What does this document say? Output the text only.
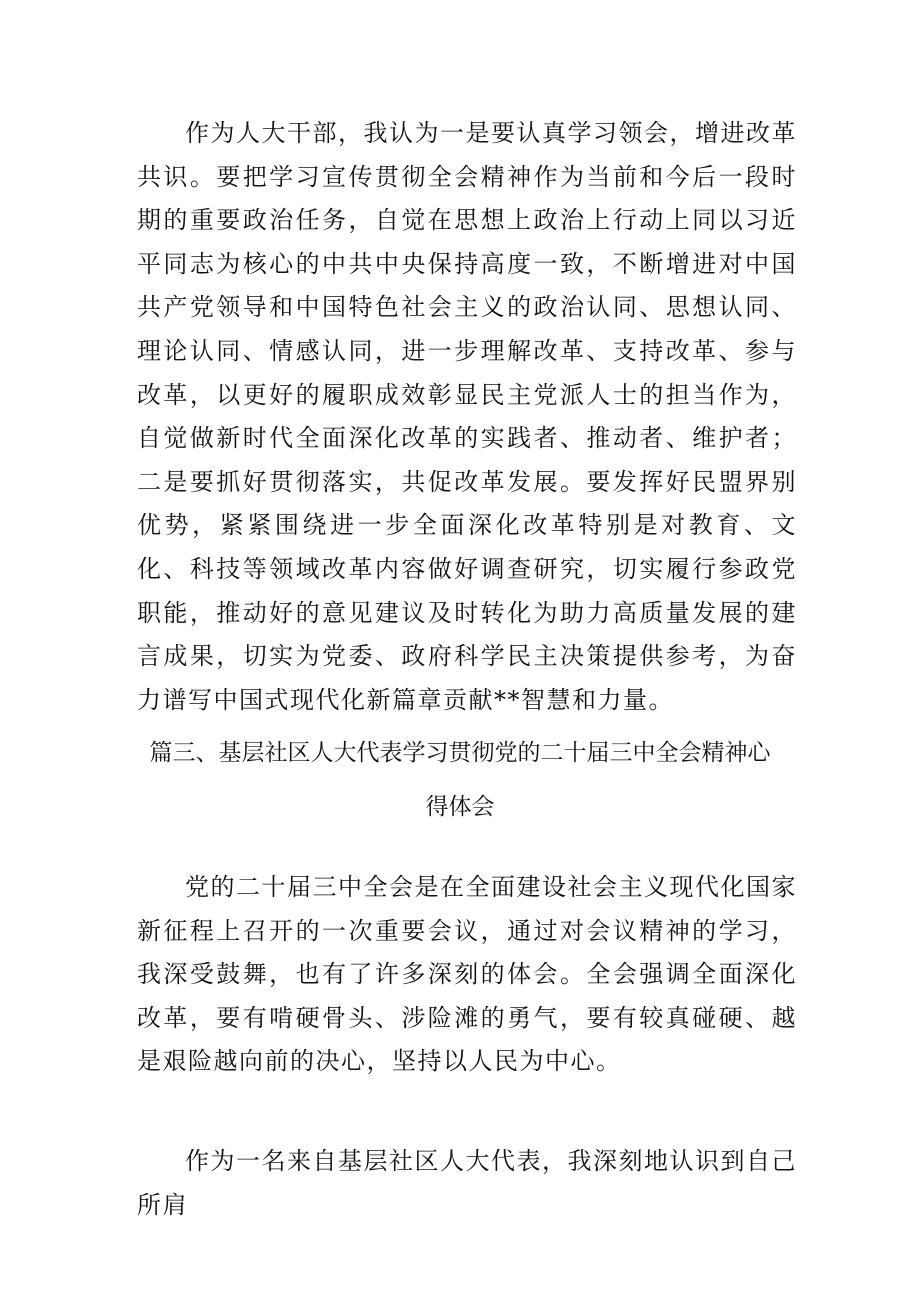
作为人大干部，我认为一是要认真学习领会，增进改革共识。要把学习宣传贯彻全会精神作为当前和今后一段时期的重要政治任务，自觉在思想上政治上行动上同以习近平同志为核心的中共中央保持高度一致，不断增进对中国共产党领导和中国特色社会主义的政治认同、思想认同、理论认同、情感认同，进一步理解改革、支持改革、参与改革，以更好的履职成效彰显民主党派人士的担当作为，自觉做新时代全面深化改革的实践者、推动者、维护者；二是要抓好贯彻落实，共促改革发展。要发挥好民盟界别优势，紧紧围绕进一步全面深化改革特别是对教育、文化、科技等领域改革内容做好调查研究，切实履行参政党职能，推动好的意见建议及时转化为助力高质量发展的建言成果，切实为党委、政府科学民主决策提供参考，为奋力谱写中国式现代化新篇章贡献**智慧和力量。

篇三、基层社区人大代表学习贯彻党的二十届三中全会精神心得体会

党的二十届三中全会是在全面建设社会主义现代化国家新征程上召开的一次重要会议，通过对会议精神的学习，我深受鼓舞，也有了许多深刻的体会。全会强调全面深化改革，要有啃硬骨头、涉险滩的勇气，要有较真碰硬、越是艰险越向前的决心，坚持以人民为中心。

作为一名来自基层社区人大代表，我深刻地认识到自己所肩
